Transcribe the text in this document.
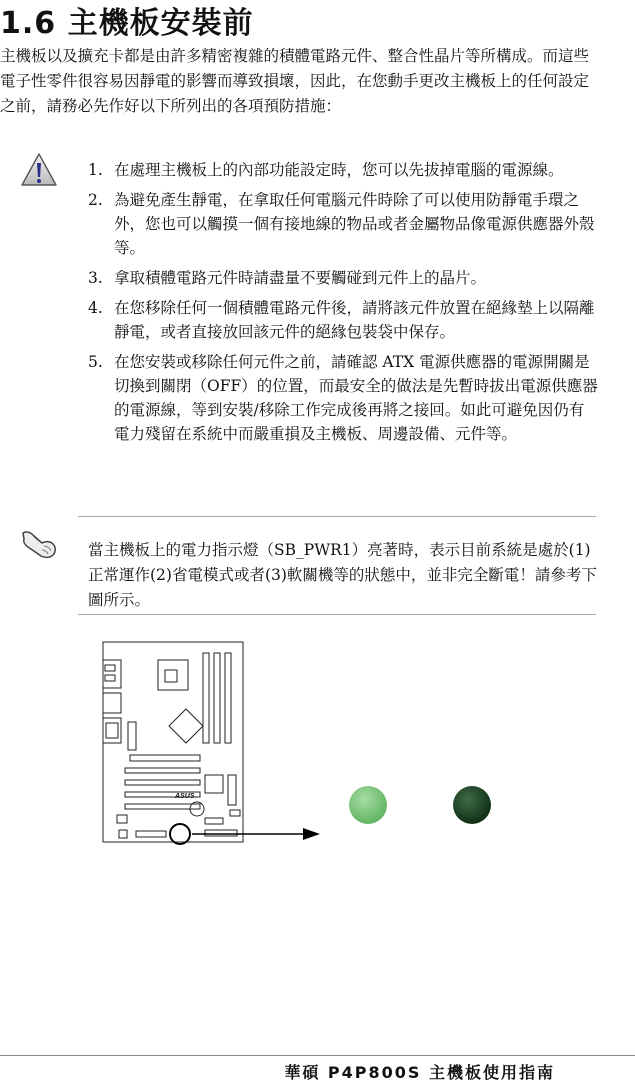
1.6 主機板安裝前
主機板以及擴充卡都是由許多精密複雜的積體電路元件、整合性晶片等所構成。而這些電子性零件很容易因靜電的影響而導致損壞，因此，在您動手更改主機板上的任何設定之前，請務必先作好以下所列出的各項預防措施：
1. 在處理主機板上的內部功能設定時，您可以先拔掉電腦的電源線。
2. 為避免產生靜電，在拿取任何電腦元件時除了可以使用防靜電手環之外，您也可以觸摸一個有接地線的物品或者金屬物品像電源供應器外殼等。
3. 拿取積體電路元件時請盡量不要觸碰到元件上的晶片。
4. 在您移除任何一個積體電路元件後，請將該元件放置在絕緣墊上以隔離靜電，或者直接放回該元件的絕緣包裝袋中保存。
5. 在您安裝或移除任何元件之前，請確認 ATX 電源供應器的電源開關是切換到關閉（OFF）的位置，而最安全的做法是先暫時拔出電源供應器的電源線，等到安裝/移除工作完成後再將之接回。如此可避免因仍有電力殘留在系統中而嚴重損及主機板、周邊設備、元件等。
當主機板上的電力指示燈（SB_PWR1）亮著時，表示目前系統是處於(1)正常運作(2)省電模式或者(3)軟關機等的狀態中，並非完全斷電！請參考下圖所示。
ASUS
華碩 P4P800S 主機板使用指南
